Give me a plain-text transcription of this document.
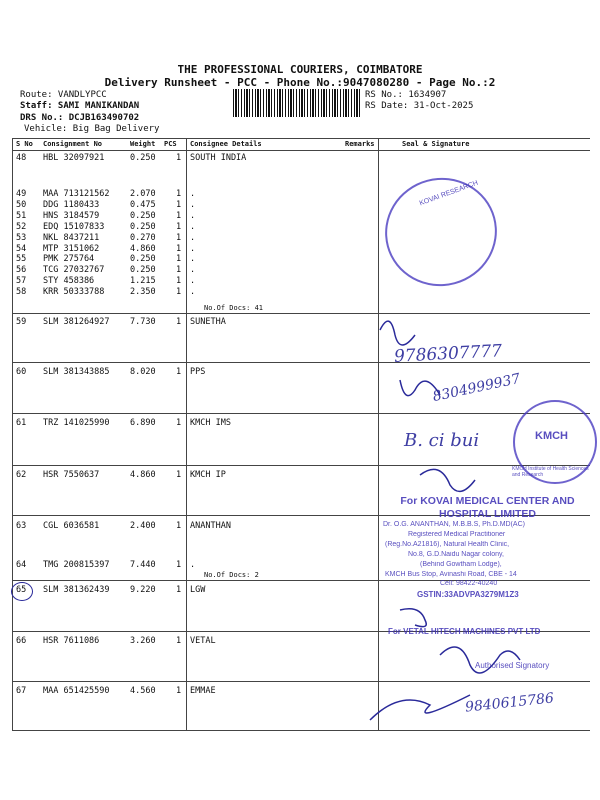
THE PROFESSIONAL COURIERS, COIMBATORE
Delivery Runsheet - PCC - Phone No.:9047080280 - Page No.:2
Route: VANDLYPCC
Staff: SAMI MANIKANDAN
DRS No.: DCJB163490702
Vehicle: Big Bag Delivery
RS No.: 1634907
RS Date: 31-Oct-2025
S No Consignment No	Weight PCS Consignee Details	Remarks	Seal & Signature
48 HBL 32097921	0.250 1 SOUTH INDIA
49 MAA 713121562 2.070 1 .
50 DDG 1180433	0.475 1 .
51 HNS 3184579	0.250 1 .
52 EDQ 15107833	0.250 1 .
53 NKL 8437211	0.270 1 .
54 MTP 3151062	4.860 1 .
55 PMK 275764	0.250 1 .
56 TCG 27032767	0.250 1 .
57 STY 458386	1.215 1 .
58 KRR 50333788	2.350 1 .
No.Of Docs: 41
59 SLM 381264927 7.730 1 SUNETHA
60 SLM 381343885 8.020 1 PPS
61 TRZ 141025990 6.890 1 KMCH IMS
62 HSR 7550637	4.860 1 KMCH IP
63 CGL 6036581	2.400 1 ANANTHAN
64 TMG 200815397 7.440 1 .
65 SLM 381362439 9.220 1 LGW
66 HSR 7611086	3.260 1 VETAL
67 MAA 651425590 4.560 1 EMMAE
No.Of Docs: 2
KOVAI RESEARCH
KMCH
KMCH Institute of Health Sciences and Research
For KOVAI MEDICAL CENTER AND HOSPITAL LIMITED
Dr. O.G. ANANTHAN, M.B.B.S, Ph.D.MD(AC)
Registered Medical Practitioner
(Reg.No.A21816), Natural Health Clinic,
No.8, G.D.Naidu Nagar colony,
(Behind Gowtham Lodge),
KMCH Bus Stop, Avinashi Road, CBE - 14
Cell: 98422-40240
GSTIN:33ADVPA3279M1Z3
For VETAL HITECH MACHINES PVT LTD
Authorised Signatory
9786307777
8304999937
B. ci bui
9840615786
